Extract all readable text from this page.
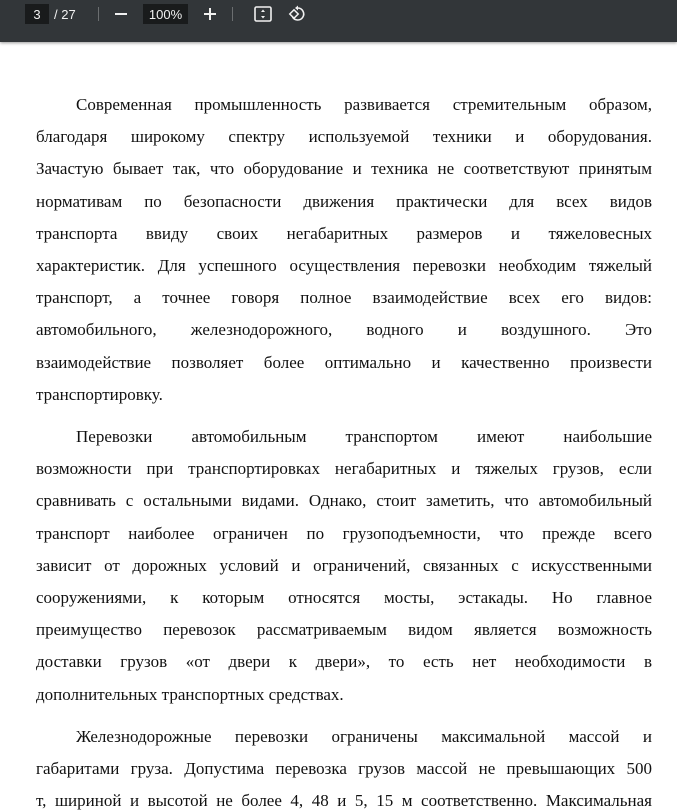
3	/ 27	100%
Современная промышленность развивается стремительным образом,
благодаря широкому спектру используемой техники и оборудования.
Зачастую бывает так, что оборудование и техника не соответствуют принятым
нормативам по безопасности движения практически для всех видов
транспорта ввиду своих негабаритных размеров и тяжеловесных
характеристик. Для успешного осуществления перевозки необходим тяжелый
транспорт, а точнее говоря полное взаимодействие всех его видов:
автомобильного, железнодорожного, водного и воздушного. Это
взаимодействие позволяет более оптимально и качественно произвести
транспортировку.
Перевозки автомобильным транспортом имеют наибольшие
возможности при транспортировках негабаритных и тяжелых грузов, если
сравнивать с остальными видами. Однако, стоит заметить, что автомобильный
транспорт наиболее ограничен по грузоподъемности, что прежде всего
зависит от дорожных условий и ограничений, связанных с искусственными
сооружениями, к которым относятся мосты, эстакады. Но главное
преимущество перевозок рассматриваемым видом является возможность
доставки грузов «от двери к двери», то есть нет необходимости в
дополнительных транспортных средствах.
Железнодорожные перевозки ограничены максимальной массой и
габаритами груза. Допустима перевозка грузов массой не превышающих 500
т, шириной и высотой не более 4, 48 и 5, 15 м соответственно. Максимальная
